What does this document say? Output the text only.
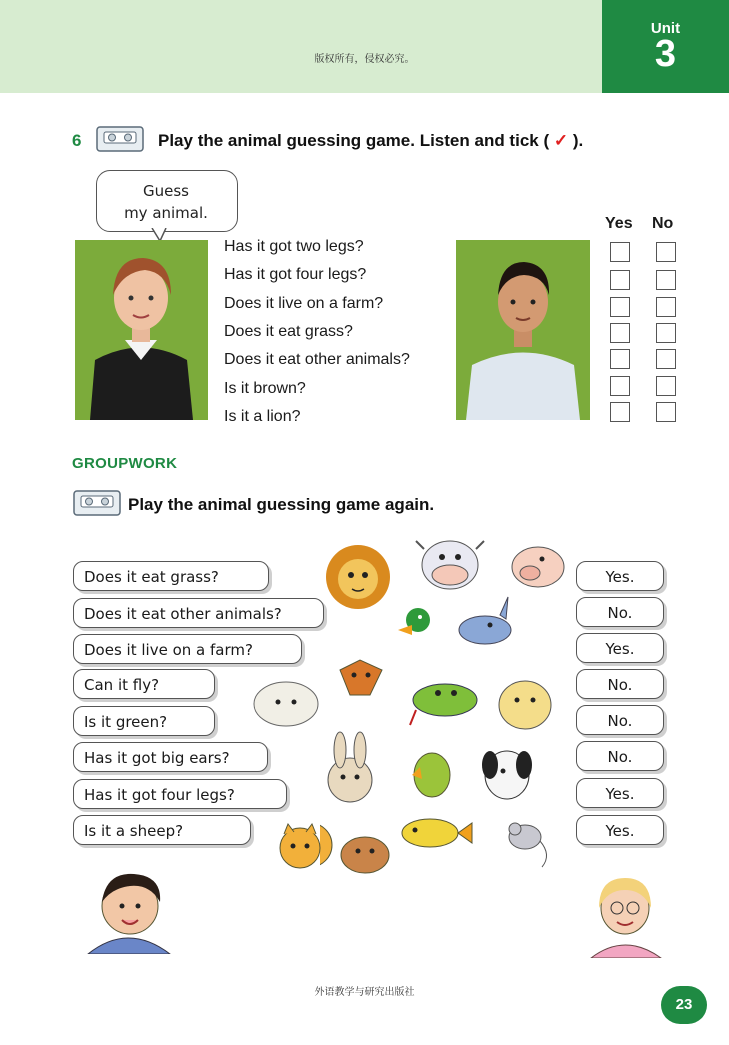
版权所有，侵权必究。
Unit
3
6	Play the animal guessing game. Listen and tick ( ✓ ).
Guess
my animal.
Has it got two legs?
Has it got four legs?
Does it live on a farm?
Does it eat grass?
Does it eat other animals?
Is it brown?
Is it a lion?
Yes No
GROUPWORK
Play the animal guessing game again.
Does it eat grass?
Does it eat other animals?
Does it live on a farm?
Can it fly?
Is it green?
Has it got big ears?
Has it got four legs?
Is it a sheep?
Yes.
No.
Yes.
No.
No.
No.
Yes.
Yes.
外语教学与研究出版社
23
